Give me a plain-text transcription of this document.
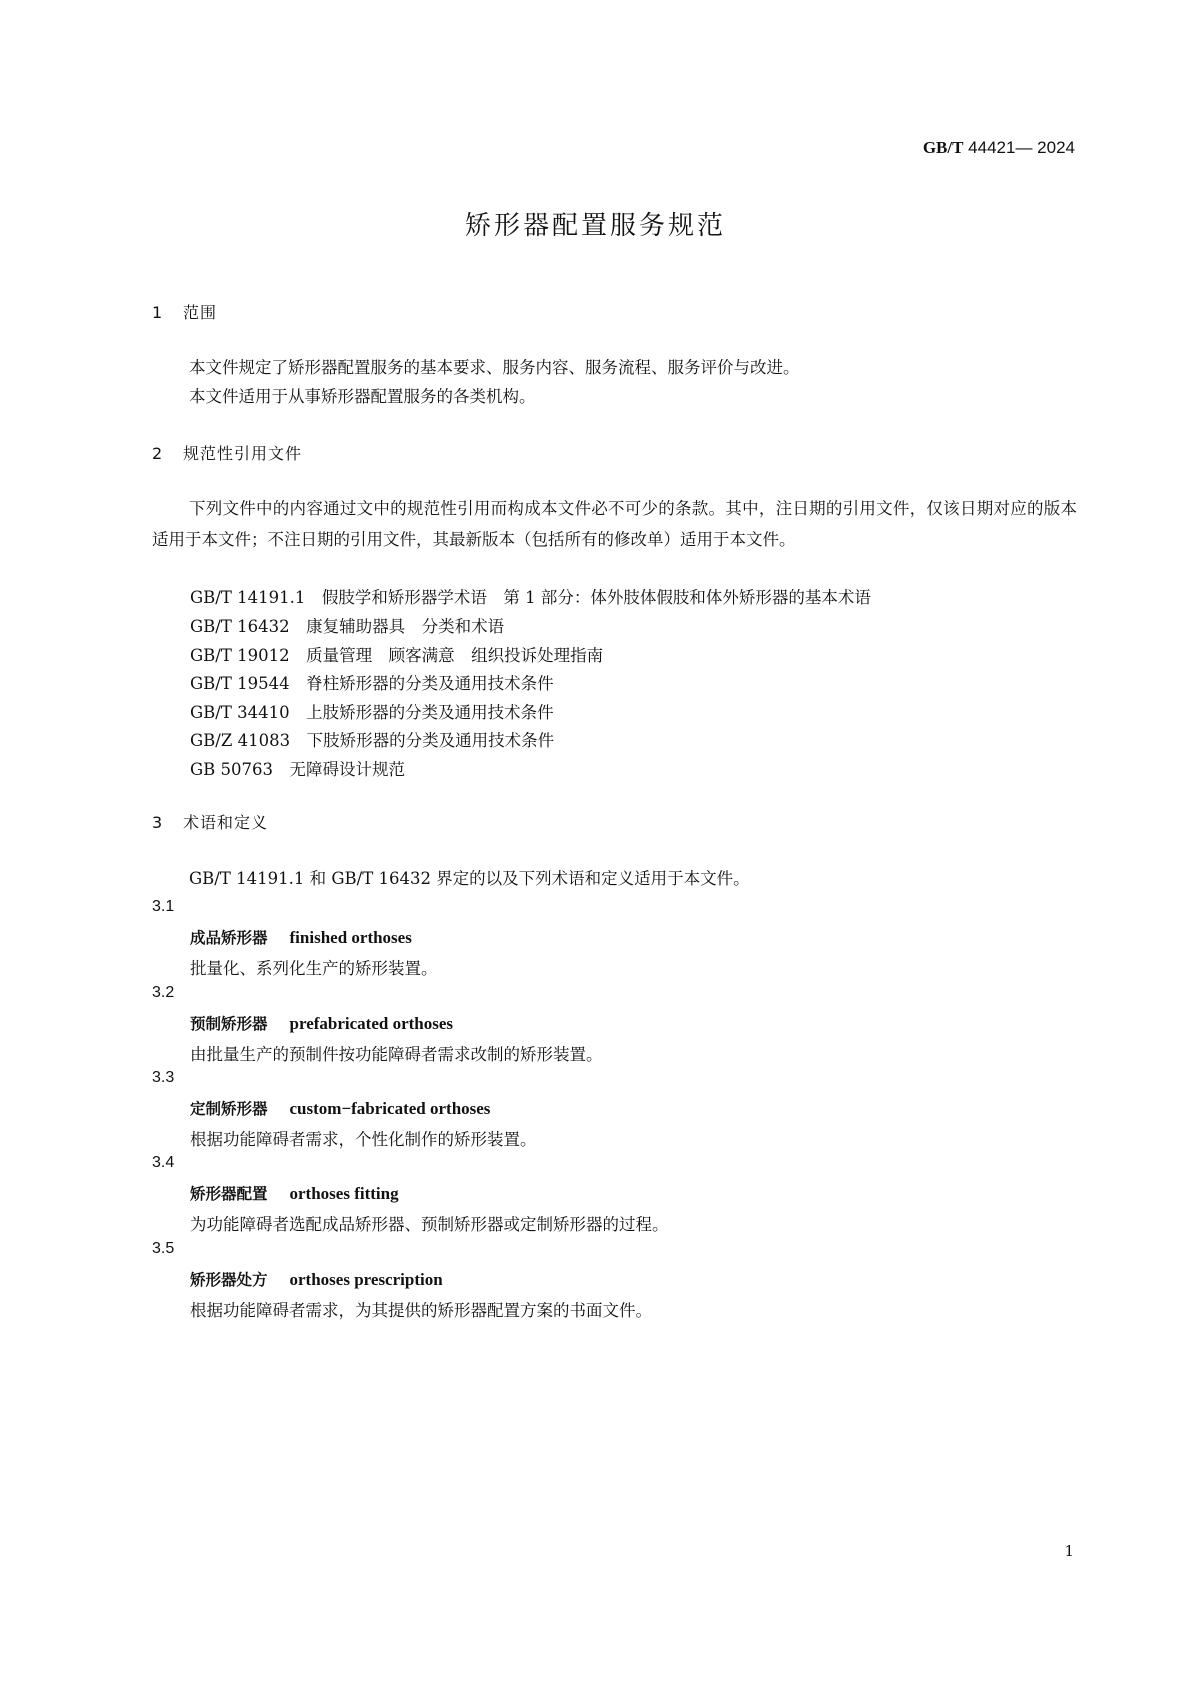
GB/T 44421— 2024
矫形器配置服务规范
1 范围
本文件规定了矫形器配置服务的基本要求、服务内容、服务流程、服务评价与改进。
本文件适用于从事矫形器配置服务的各类机构。
2 规范性引用文件
下列文件中的内容通过文中的规范性引用而构成本文件必不可少的条款。其中，注日期的引用文件，仅该日期对应的版本适用于本文件；不注日期的引用文件，其最新版本（包括所有的修改单）适用于本文件。
GB/T 14191.1　假肢学和矫形器学术语　第 1 部分：体外肢体假肢和体外矫形器的基本术语
GB/T 16432　康复辅助器具　分类和术语
GB/T 19012　质量管理　顾客满意　组织投诉处理指南
GB/T 19544　脊柱矫形器的分类及通用技术条件
GB/T 34410　上肢矫形器的分类及通用技术条件
GB/Z 41083　下肢矫形器的分类及通用技术条件
GB 50763　无障碍设计规范
3 术语和定义
GB/T 14191.1 和 GB/T 16432 界定的以及下列术语和定义适用于本文件。
3.1
成品矫形器 finished orthoses
批量化、系列化生产的矫形装置。
3.2
预制矫形器 prefabricated orthoses
由批量生产的预制件按功能障碍者需求改制的矫形装置。
3.3
定制矫形器 custom−fabricated orthoses
根据功能障碍者需求，个性化制作的矫形装置。
3.4
矫形器配置 orthoses fitting
为功能障碍者选配成品矫形器、预制矫形器或定制矫形器的过程。
3.5
矫形器处方 orthoses prescription
根据功能障碍者需求，为其提供的矫形器配置方案的书面文件。
1
